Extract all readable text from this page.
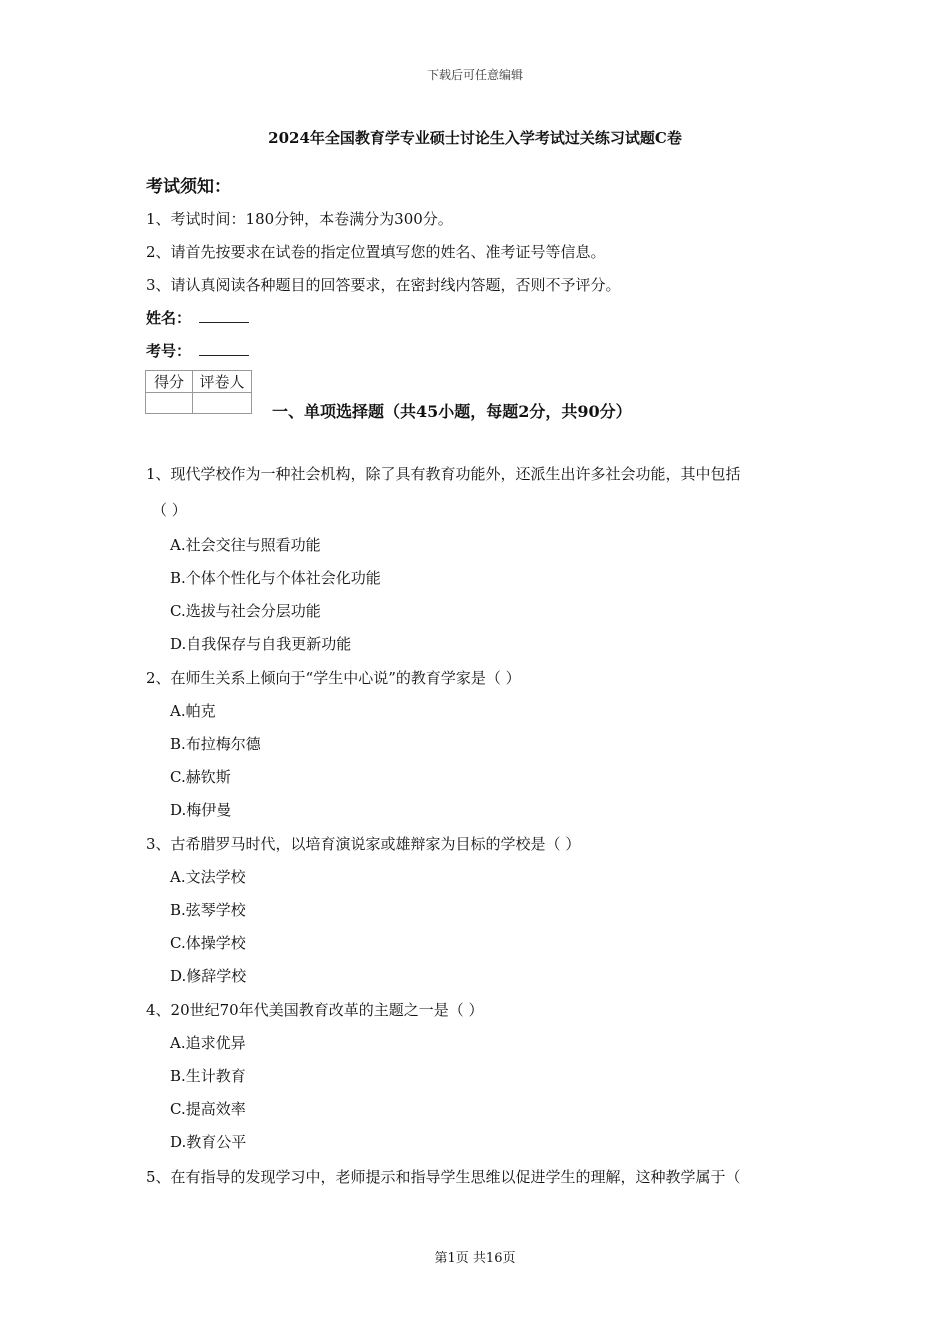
下载后可任意编辑
2024年全国教育学专业硕士讨论生入学考试过关练习试题C卷
考试须知：
1、考试时间：180分钟，本卷满分为300分。
2、请首先按要求在试卷的指定位置填写您的姓名、准考证号等信息。
3、请认真阅读各种题目的回答要求，在密封线内答题，否则不予评分。
姓名：
考号：
得分	评卷人

一、单项选择题（共45小题，每题2分，共90分）
1、现代学校作为一种社会机构，除了具有教育功能外，还派生出许多社会功能，其中包括
（ ）
A.社会交往与照看功能
B.个体个性化与个体社会化功能
C.选拔与社会分层功能
D.自我保存与自我更新功能
2、在师生关系上倾向于“学生中心说”的教育学家是（ ）
A.帕克
B.布拉梅尔德
C.赫钦斯
D.梅伊曼
3、古希腊罗马时代，以培育演说家或雄辩家为目标的学校是（ ）
A.文法学校
B.弦琴学校
C.体操学校
D.修辞学校
4、20世纪70年代美国教育改革的主题之一是（ ）
A.追求优异
B.生计教育
C.提高效率
D.教育公平
5、在有指导的发现学习中，老师提示和指导学生思维以促进学生的理解，这种教学属于（
第1页 共16页
